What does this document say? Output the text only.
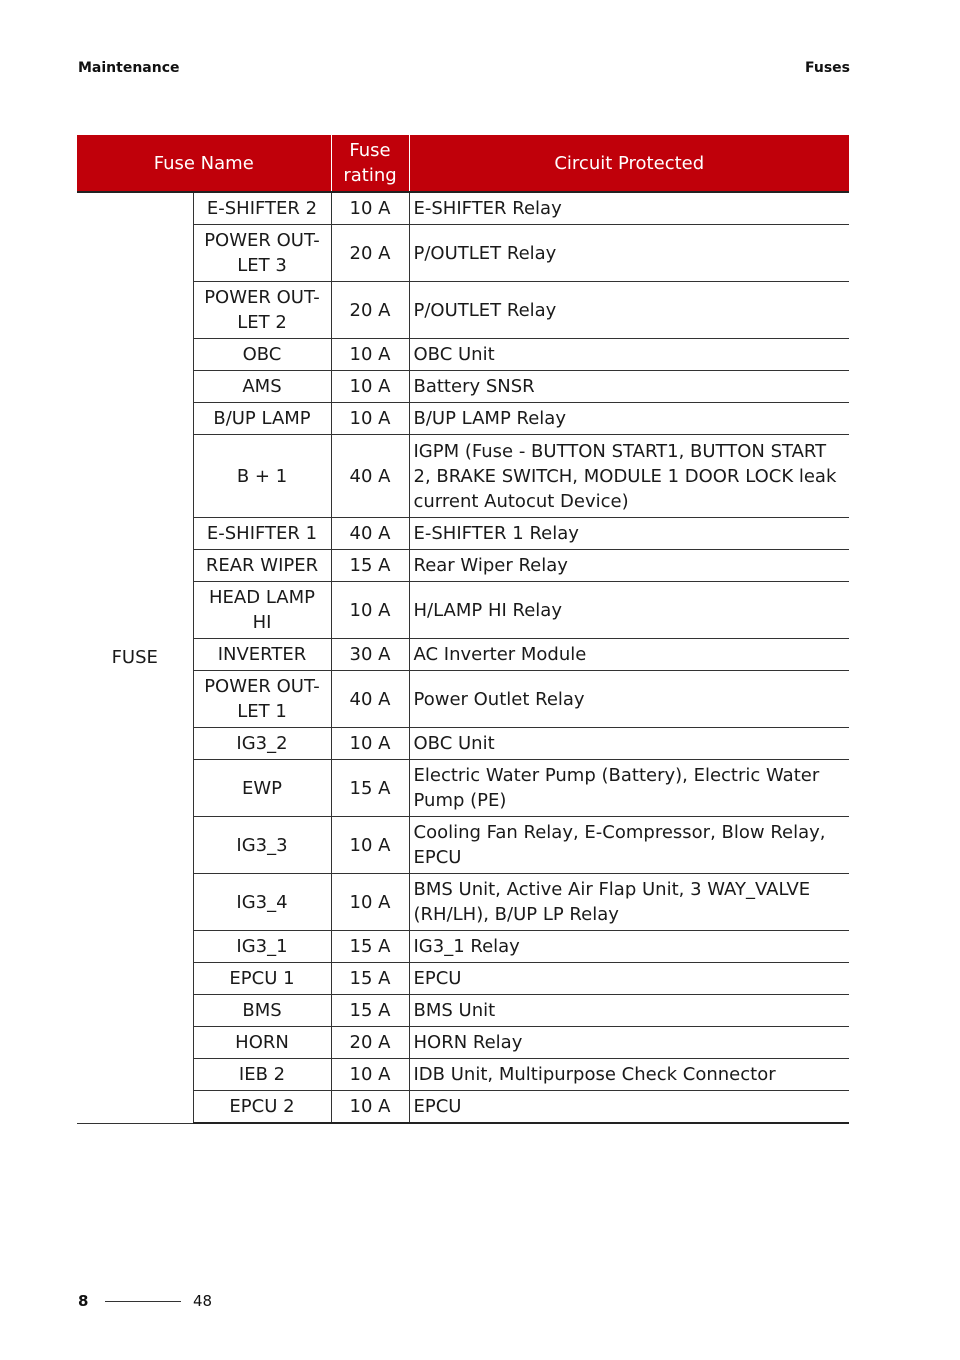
Maintenance	Fuses
Fuse Name		Fuse rating	Circuit Protected
FUSE	E-SHIFTER 2	10 A	E-SHIFTER Relay
	POWER OUT-LET 3	20 A	P/OUTLET Relay
	POWER OUT-LET 2	20 A	P/OUTLET Relay
	OBC	10 A	OBC Unit
	AMS	10 A	Battery SNSR
	B/UP LAMP	10 A	B/UP LAMP Relay
	B + 1	40 A	IGPM (Fuse - BUTTON START1, BUTTON START 2, BRAKE SWITCH, MODULE 1 DOOR LOCK leak current Autocut Device)
	E-SHIFTER 1	40 A	E-SHIFTER 1 Relay
	REAR WIPER	15 A	Rear Wiper Relay
	HEAD LAMP HI	10 A	H/LAMP HI Relay
	INVERTER	30 A	AC Inverter Module
	POWER OUT-LET 1	40 A	Power Outlet Relay
	IG3_2	10 A	OBC Unit
	EWP	15 A	Electric Water Pump (Battery), Electric Water Pump (PE)
	IG3_3	10 A	Cooling Fan Relay, E-Compressor, Blow Relay, EPCU
	IG3_4	10 A	BMS Unit, Active Air Flap Unit, 3 WAY_VALVE (RH/LH), B/UP LP Relay
	IG3_1	15 A	IG3_1 Relay
	EPCU 1	15 A	EPCU
	BMS	15 A	BMS Unit
	HORN	20 A	HORN Relay
	IEB 2	10 A	IDB Unit, Multipurpose Check Connector
	EPCU 2	10 A	EPCU
8	48
